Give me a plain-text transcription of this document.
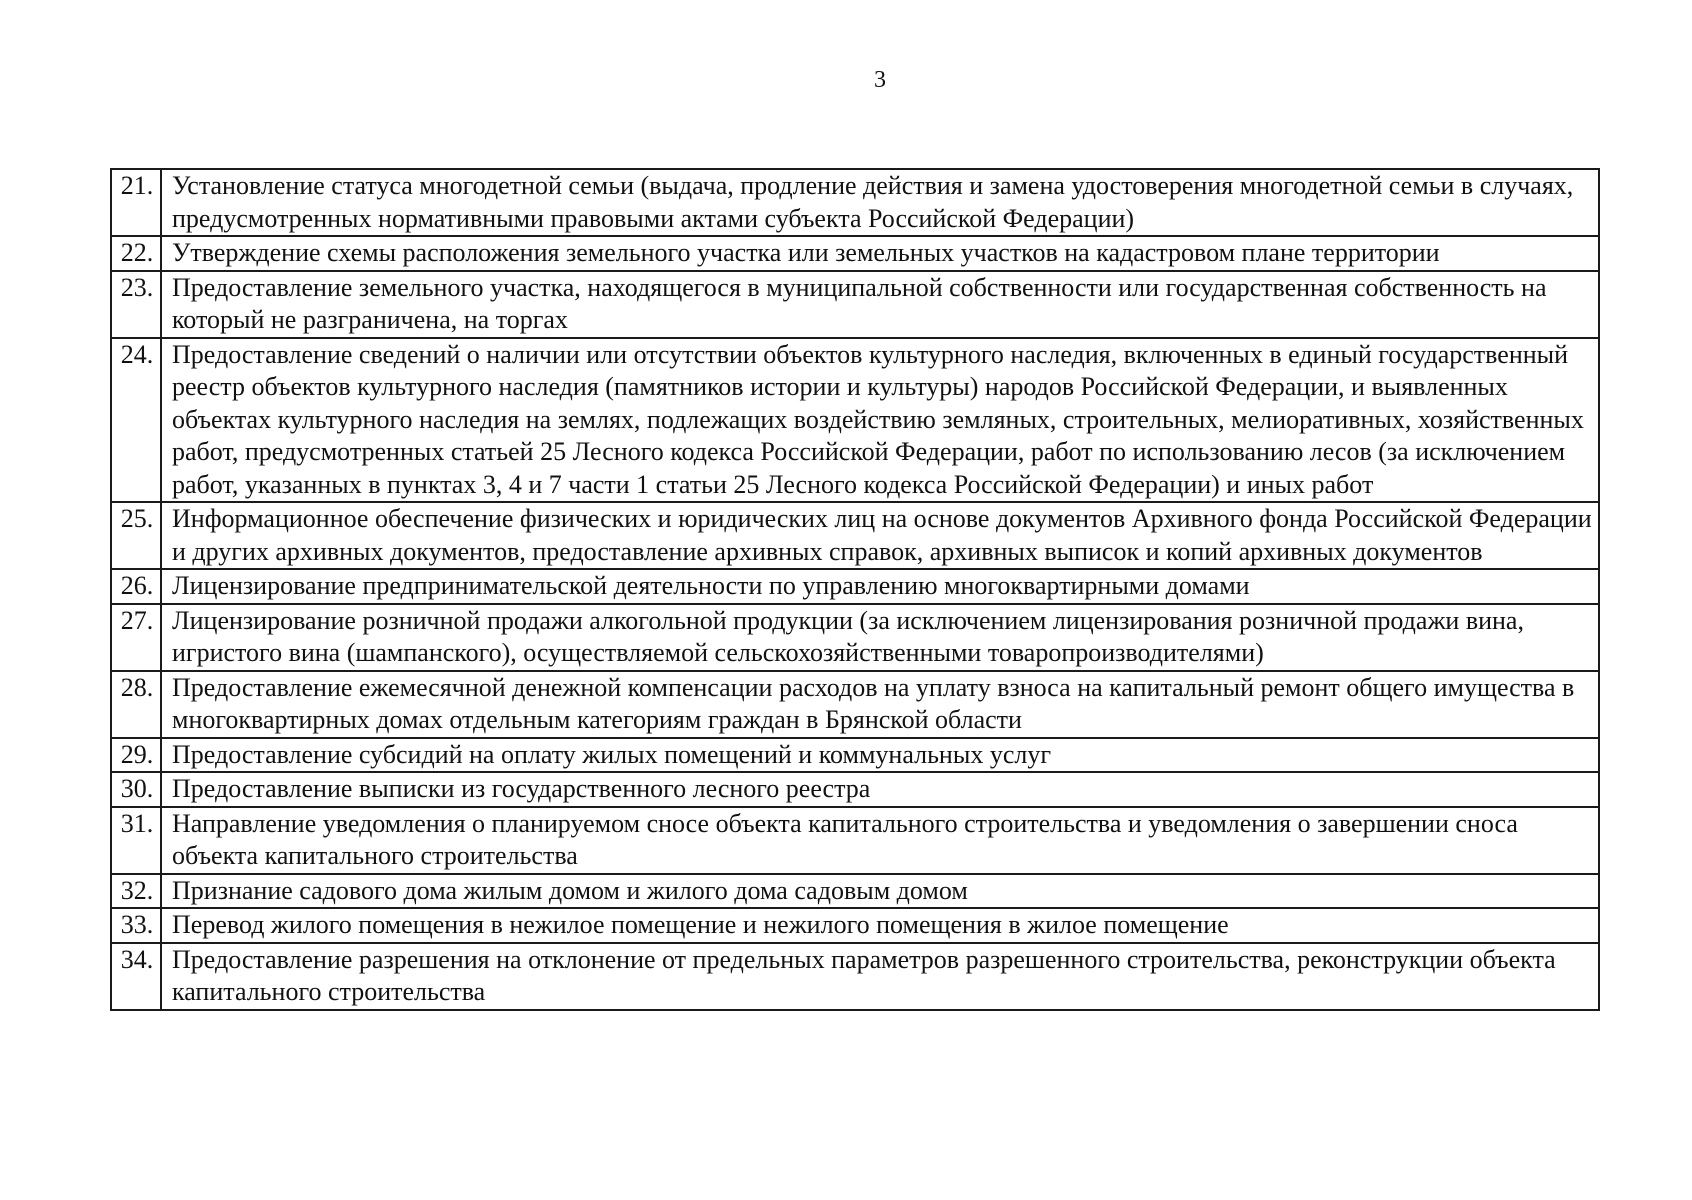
3
21.	Установление статуса многодетной семьи (выдача, продление действия и замена удостоверения многодетной семьи в случаях, предусмотренных нормативными правовыми актами субъекта Российской Федерации)
22.	Утверждение схемы расположения земельного участка или земельных участков на кадастровом плане территории
23.	Предоставление земельного участка, находящегося в муниципальной собственности или государственная собственность на который не разграничена, на торгах
24.	Предоставление сведений о наличии или отсутствии объектов культурного наследия, включенных в единый государственный реестр объектов культурного наследия (памятников истории и культуры) народов Российской Федерации, и выявленных объектах культурного наследия на землях, подлежащих воздействию земляных, строительных, мелиоративных, хозяйственных работ, предусмотренных статьей 25 Лесного кодекса Российской Федерации, работ по использованию лесов (за исключением работ, указанных в пунктах 3, 4 и 7 части 1 статьи 25 Лесного кодекса Российской Федерации) и иных работ
25.	Информационное обеспечение физических и юридических лиц на основе документов Архивного фонда Российской Федерации и других архивных документов, предоставление архивных справок, архивных выписок и копий архивных документов
26.	Лицензирование предпринимательской деятельности по управлению многоквартирными домами
27.	Лицензирование розничной продажи алкогольной продукции (за исключением лицензирования розничной продажи вина, игристого вина (шампанского), осуществляемой сельскохозяйственными товаропроизводителями)
28.	Предоставление ежемесячной денежной компенсации расходов на уплату взноса на капитальный ремонт общего имущества в многоквартирных домах отдельным категориям граждан в Брянской области
29.	Предоставление субсидий на оплату жилых помещений и коммунальных услуг
30.	Предоставление выписки из государственного лесного реестра
31.	Направление уведомления о планируемом сносе объекта капитального строительства и уведомления о завершении сноса объекта капитального строительства
32.	Признание садового дома жилым домом и жилого дома садовым домом
33.	Перевод жилого помещения в нежилое помещение и нежилого помещения в жилое помещение
34.	Предоставление разрешения на отклонение от предельных параметров разрешенного строительства, реконструкции объекта капитального строительства
